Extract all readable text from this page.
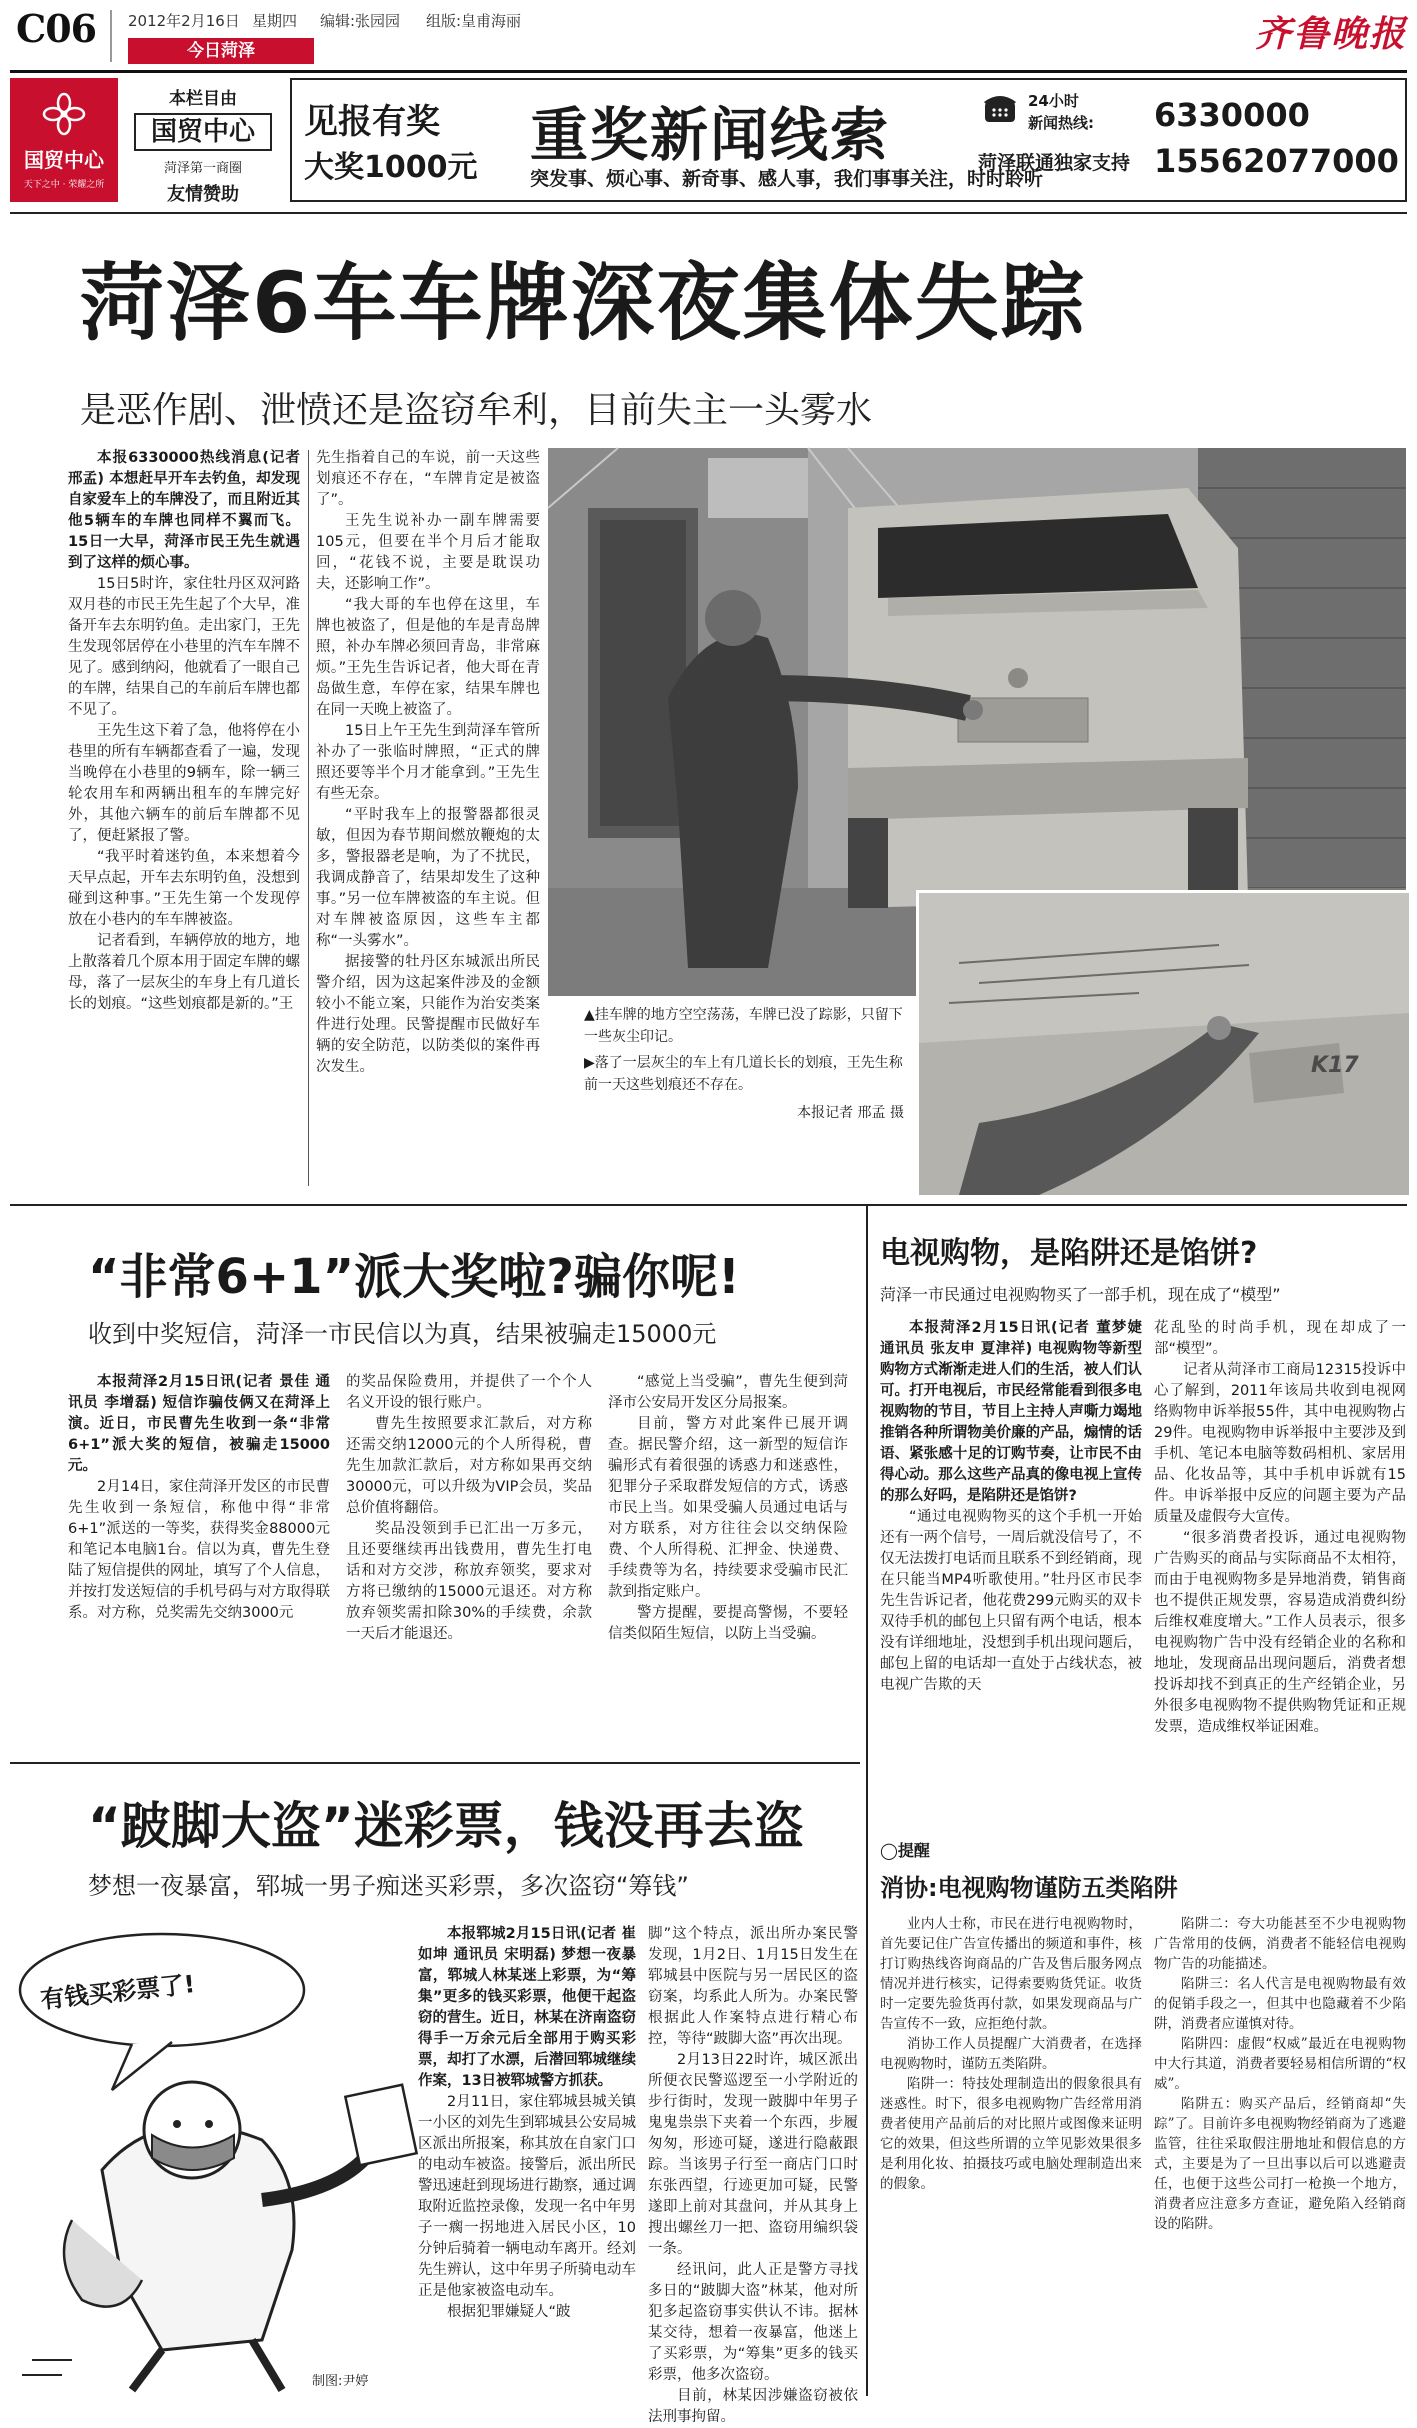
C06 2012年2月16日 星期四 编辑:张园园 组版:皇甫海丽
今日菏泽	齐鲁晚报
国贸中心
天下之中 · 荣耀之所
本栏目由
国贸中心
菏泽第一商圈
友情赞助
见报有奖
大奖1000元 重奖新闻线索
突发事、烦心事、新奇事、感人事，我们事事关注，时时聆听
24小时
新闻热线: 6330000
菏泽联通独家支持 15562077000
菏泽6车车牌深夜集体失踪
是恶作剧、泄愤还是盗窃牟利，目前失主一头雾水

本报6330000热线消息(记者 邢孟) 本想赶早开车去钓鱼，却发现自家爱车上的车牌没了，而且附近其他5辆车的车牌也同样不翼而飞。15日一大早，菏泽市民王先生就遇到了这样的烦心事。

15日5时许，家住牡丹区双河路双月巷的市民王先生起了个大早，准备开车去东明钓鱼。走出家门，王先生发现邻居停在小巷里的汽车车牌不见了。感到纳闷，他就看了一眼自己的车牌，结果自己的车前后车牌也都不见了。

王先生这下着了急，他将停在小巷里的所有车辆都查看了一遍，发现当晚停在小巷里的9辆车，除一辆三轮农用车和两辆出租车的车牌完好外，其他六辆车的前后车牌都不见了，便赶紧报了警。

“我平时着迷钓鱼，本来想着今天早点起，开车去东明钓鱼，没想到碰到这种事。”王先生第一个发现停放在小巷内的车车牌被盗。

记者看到，车辆停放的地方，地上散落着几个原本用于固定车牌的螺母，落了一层灰尘的车身上有几道长长的划痕。“这些划痕都是新的。”王

先生指着自己的车说，前一天这些划痕还不存在，“车牌肯定是被盗了”。

王先生说补办一副车牌需要105元，但要在半个月后才能取回，“花钱不说，主要是耽误功夫，还影响工作”。

“我大哥的车也停在这里，车牌也被盗了，但是他的车是青岛牌照，补办车牌必须回青岛，非常麻烦。”王先生告诉记者，他大哥在青岛做生意，车停在家，结果车牌也在同一天晚上被盗了。

15日上午王先生到菏泽车管所补办了一张临时牌照，“正式的牌照还要等半个月才能拿到。”王先生有些无奈。

“平时我车上的报警器都很灵敏，但因为春节期间燃放鞭炮的太多，警报器老是响，为了不扰民，我调成静音了，结果却发生了这种事。”另一位车牌被盗的车主说。但对车牌被盗原因，这些车主都称“一头雾水”。

据接警的牡丹区东城派出所民警介绍，因为这起案件涉及的金额较小不能立案，只能作为治安类案件进行处理。民警提醒市民做好车辆的安全防范，以防类似的案件再次发生。	K17

▲挂车牌的地方空空荡荡，车牌已没了踪影，只留下一些灰尘印记。

▶落了一层灰尘的车上有几道长长的划痕，王先生称前一天这些划痕还不存在。

本报记者 邢孟 摄

“非常6+1”派大奖啦?骗你呢!
收到中奖短信，菏泽一市民信以为真，结果被骗走15000元

本报菏泽2月15日讯(记者 景佳 通讯员 李增磊) 短信诈骗伎俩又在菏泽上演。近日，市民曹先生收到一条“非常6+1”派大奖的短信，被骗走15000元。

2月14日，家住菏泽开发区的市民曹先生收到一条短信，称他中得“非常6+1”派送的一等奖，获得奖金88000元和笔记本电脑1台。信以为真，曹先生登陆了短信提供的网址，填写了个人信息，并按打发送短信的手机号码与对方取得联系。对方称，兑奖需先交纳3000元

的奖品保险费用，并提供了一个个人名义开设的银行账户。

曹先生按照要求汇款后，对方称还需交纳12000元的个人所得税，曹先生加款汇款后，对方称如果再交纳30000元，可以升级为VIP会员，奖品总价值将翻倍。

奖品没领到手已汇出一万多元，且还要继续再出钱费用，曹先生打电话和对方交涉，称放弃领奖，要求对方将已缴纳的15000元退还。对方称放弃领奖需扣除30%的手续费，余款一天后才能退还。

“感觉上当受骗”，曹先生便到菏泽市公安局开发区分局报案。

目前，警方对此案件已展开调查。据民警介绍，这一新型的短信诈骗形式有着很强的诱惑力和迷惑性，犯罪分子采取群发短信的方式，诱惑市民上当。如果受骗人员通过电话与对方联系，对方往往会以交纳保险费、个人所得税、汇押金、快递费、手续费等为名，持续要求受骗市民汇款到指定账户。

警方提醒，要提高警惕，不要轻信类似陌生短信，以防上当受骗。

“跛脚大盗”迷彩票，钱没再去盗
梦想一夜暴富，郓城一男子痴迷买彩票，多次盗窃“筹钱”
有钱买彩票了!
制图:尹婷

本报郓城2月15日讯(记者 崔如坤 通讯员 宋明磊) 梦想一夜暴富，郓城人林某迷上彩票，为“筹集”更多的钱买彩票，他便干起盗窃的营生。近日，林某在济南盗窃得手一万余元后全部用于购买彩票，却打了水漂，后潜回郓城继续作案，13日被郓城警方抓获。

2月11日，家住郓城县城关镇一小区的刘先生到郓城县公安局城区派出所报案，称其放在自家门口的电动车被盗。接警后，派出所民警迅速赶到现场进行勘察，通过调取附近监控录像，发现一名中年男子一瘸一拐地进入居民小区，10分钟后骑着一辆电动车离开。经刘先生辨认，这中年男子所骑电动车正是他家被盗电动车。

根据犯罪嫌疑人“跛

脚”这个特点，派出所办案民警发现，1月2日、1月15日发生在郓城县中医院与另一居民区的盗窃案，均系此人所为。办案民警根据此人作案特点进行精心布控，等待“跛脚大盗”再次出现。

2月13日22时许，城区派出所便衣民警巡逻至一小学附近的步行街时，发现一跛脚中年男子鬼鬼祟祟下夹着一个东西，步履匆匆，形迹可疑，遂进行隐蔽跟踪。当该男子行至一商店门口时东张西望，行迹更加可疑，民警遂即上前对其盘问，并从其身上搜出螺丝刀一把、盗窃用编织袋一条。

经讯问，此人正是警方寻找多日的“跛脚大盗”林某，他对所犯多起盗窃事实供认不讳。据林某交待，想着一夜暴富，他迷上了买彩票，为“筹集”更多的钱买彩票，他多次盗窃。

目前，林某因涉嫌盗窃被依法刑事拘留。

电视购物，是陷阱还是馅饼?
菏泽一市民通过电视购物买了一部手机，现在成了“模型”

本报菏泽2月15日讯(记者 董梦婕 通讯员 张友申 夏津祥) 电视购物等新型购物方式渐渐走进人们的生活，被人们认可。打开电视后，市民经常能看到很多电视购物的节目，节目上主持人声嘶力竭地推销各种所谓物美价廉的产品，煽情的话语、紧张感十足的订购节奏，让市民不由得心动。那么这些产品真的像电视上宣传的那么好吗，是陷阱还是馅饼?

“通过电视购物买的这个手机一开始还有一两个信号，一周后就没信号了，不仅无法拨打电话而且联系不到经销商，现在只能当MP4听歌使用。”牡丹区市民李先生告诉记者，他花费299元购买的双卡双待手机的邮包上只留有两个电话，根本没有详细地址，没想到手机出现问题后，邮包上留的电话却一直处于占线状态，被电视广告欺的天

花乱坠的时尚手机，现在却成了一部“模型”。

记者从菏泽市工商局12315投诉中心了解到，2011年该局共收到电视网络购物申诉举报55件，其中电视购物占29件。电视购物申诉举报中主要涉及到手机、笔记本电脑等数码相机、家居用品、化妆品等，其中手机申诉就有15件。申诉举报中反应的问题主要为产品质量及虚假夸大宣传。

“很多消费者投诉，通过电视购物广告购买的商品与实际商品不太相符，而由于电视购物多是异地消费，销售商也不提供正规发票，容易造成消费纠纷后维权难度增大。”工作人员表示，很多电视购物广告中没有经销企业的名称和地址，发现商品出现问题后，消费者想投诉却找不到真正的生产经销企业，另外很多电视购物不提供购物凭证和正规发票，造成维权举证困难。

◯提醒
消协:电视购物谨防五类陷阱

业内人士称，市民在进行电视购物时，首先要记住广告宣传播出的频道和事件，核打订购热线咨询商品的广告及售后服务网点情况并进行核实，记得索要购货凭证。收货时一定要先验货再付款，如果发现商品与广告宣传不一致，应拒绝付款。

消协工作人员提醒广大消费者，在选择电视购物时，谨防五类陷阱。

陷阱一：特技处理制造出的假象很具有迷惑性。时下，很多电视购物广告经常用消费者使用产品前后的对比照片或图像来证明它的效果，但这些所谓的立竿见影效果很多是利用化妆、拍摄技巧或电脑处理制造出来的假象。

陷阱二：夸大功能甚至不少电视购物广告常用的伎俩，消费者不能轻信电视购物广告的功能描述。

陷阱三：名人代言是电视购物最有效的促销手段之一，但其中也隐藏着不少陷阱，消费者应谨慎对待。

陷阱四：虚假“权威”最近在电视购物中大行其道，消费者要轻易相信所谓的“权威”。

陷阱五：购买产品后，经销商却“失踪”了。目前许多电视购物经销商为了逃避监管，往往采取假注册地址和假信息的方式，主要是为了一旦出事以后可以逃避责任，也便于这些公司打一枪换一个地方，消费者应注意多方查证，避免陷入经销商设的陷阱。
